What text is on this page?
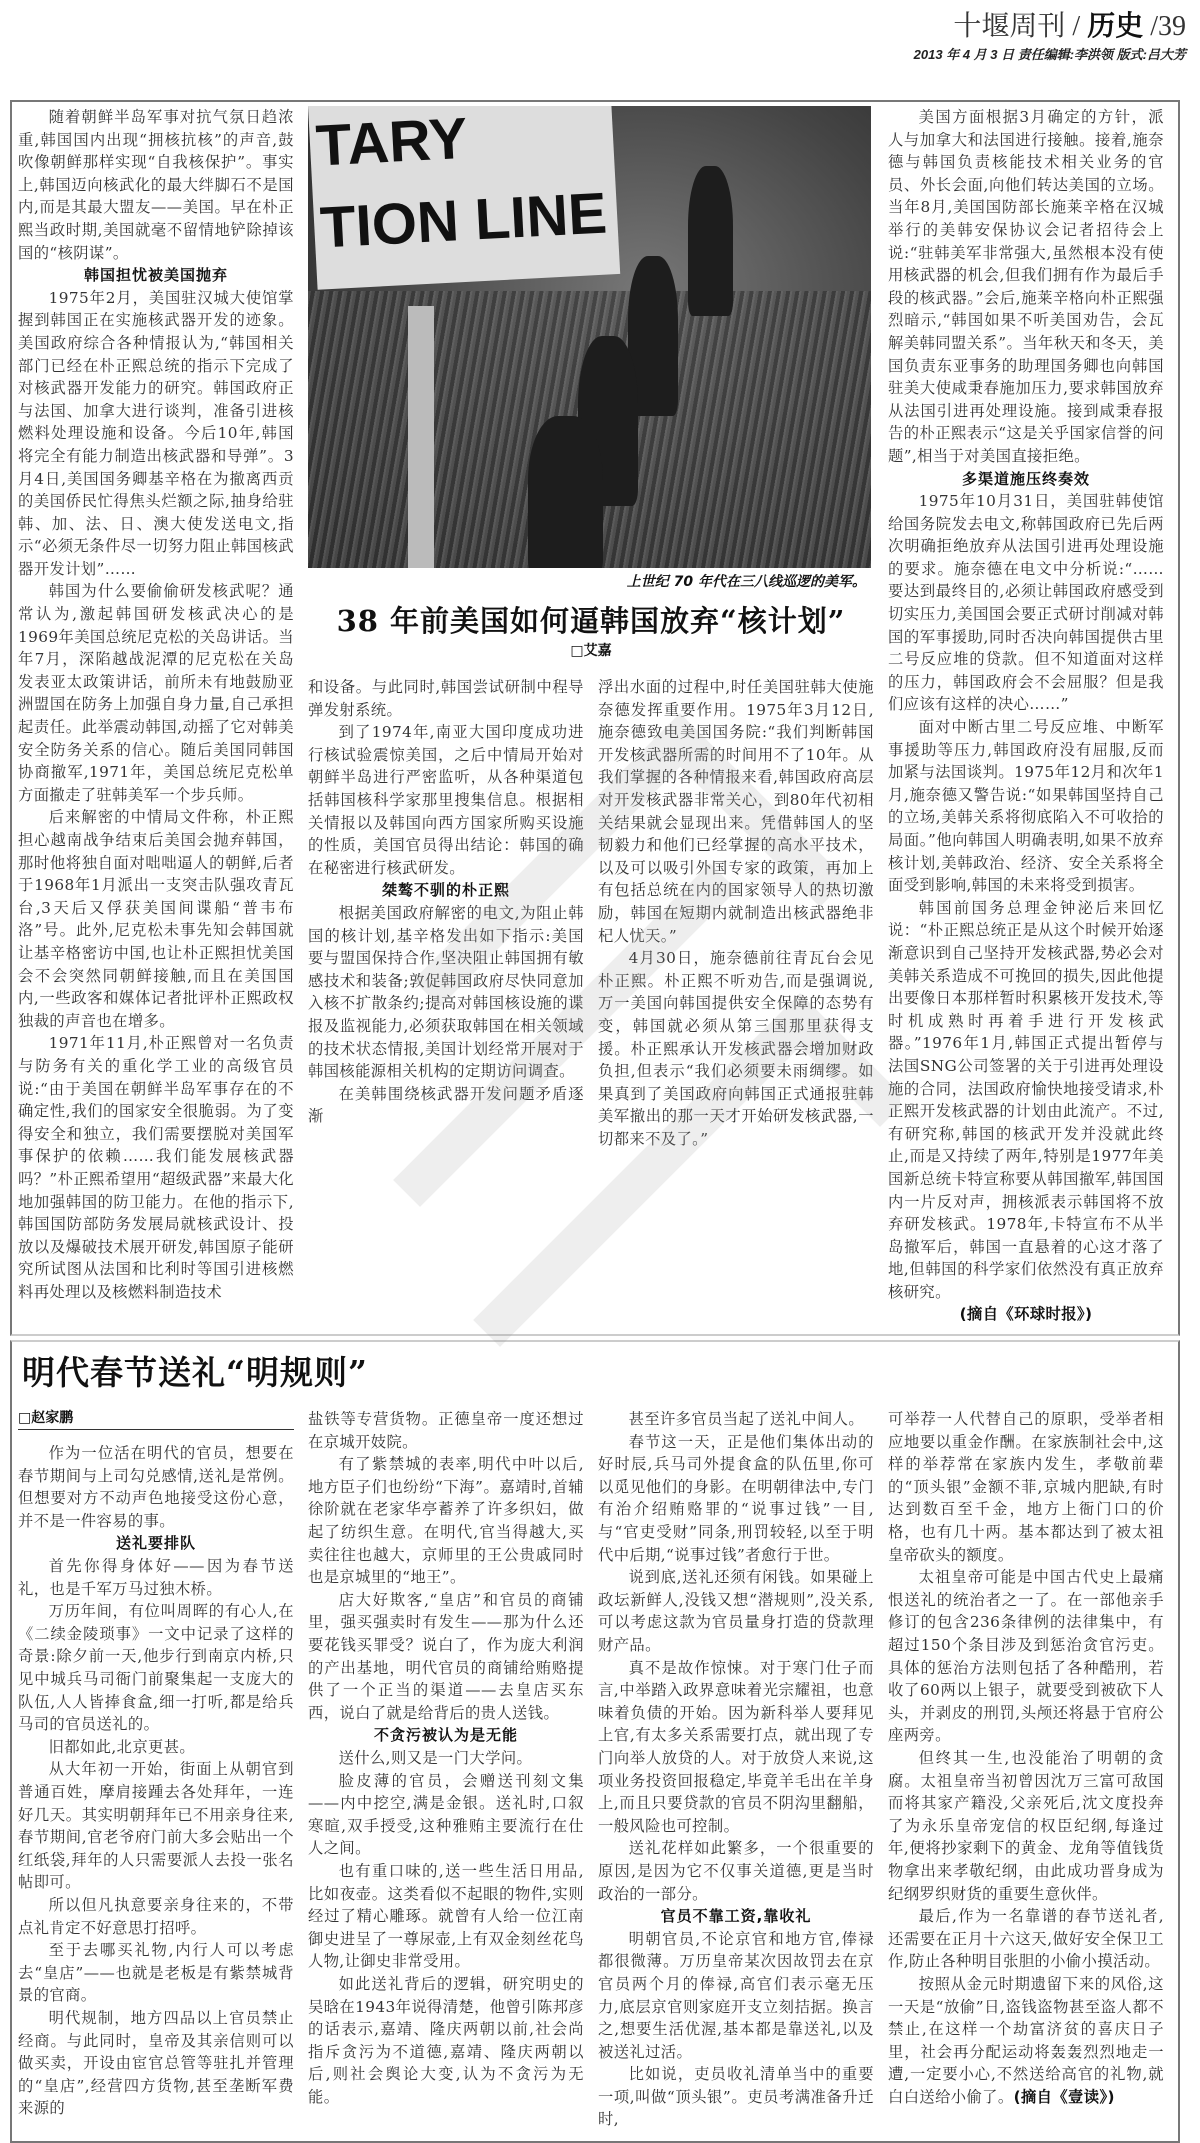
十堰周刊 / 历史 /39
2013 年 4 月 3 日 责任编辑:李洪领 版式:吕大芳

随着朝鲜半岛军事对抗气氛日趋浓重,韩国国内出现“拥核抗核”的声音,鼓吹像朝鲜那样实现“自我核保护”。事实上,韩国迈向核武化的最大绊脚石不是国内,而是其最大盟友——美国。早在朴正熙当政时期,美国就毫不留情地铲除掉该国的“核阴谋”。

韩国担忧被美国抛弃

1975年2月，美国驻汉城大使馆掌握到韩国正在实施核武器开发的迹象。美国政府综合各种情报认为,“韩国相关部门已经在朴正熙总统的指示下完成了对核武器开发能力的研究。韩国政府正与法国、加拿大进行谈判，准备引进核燃料处理设施和设备。今后10年,韩国将完全有能力制造出核武器和导弹”。3月4日,美国国务卿基辛格在为撤离西贡的美国侨民忙得焦头烂额之际,抽身给驻韩、加、法、日、澳大使发送电文,指示“必须无条件尽一切努力阻止韩国核武器开发计划”……

韩国为什么要偷偷研发核武呢？通常认为,激起韩国研发核武决心的是1969年美国总统尼克松的关岛讲话。当年7月，深陷越战泥潭的尼克松在关岛发表亚太政策讲话，前所未有地鼓励亚洲盟国在防务上加强自身力量,自己承担起责任。此举震动韩国,动摇了它对韩美安全防务关系的信心。随后美国同韩国协商撤军,1971年，美国总统尼克松单方面撤走了驻韩美军一个步兵师。

后来解密的中情局文件称，朴正熙担心越南战争结束后美国会抛弃韩国，那时他将独自面对咄咄逼人的朝鲜,后者于1968年1月派出一支突击队强攻青瓦台,3天后又俘获美国间谍船“普韦布洛”号。此外,尼克松未事先知会韩国就让基辛格密访中国,也让朴正熙担忧美国会不会突然同朝鲜接触,而且在美国国内,一些政客和媒体记者批评朴正熙政权独裁的声音也在增多。

1971年11月,朴正熙曾对一名负责与防务有关的重化学工业的高级官员说:“由于美国在朝鲜半岛军事存在的不确定性,我们的国家安全很脆弱。为了变得安全和独立，我们需要摆脱对美国军事保护的依赖……我们能发展核武器吗？”朴正熙希望用“超级武器”来最大化地加强韩国的防卫能力。在他的指示下,韩国国防部防务发展局就核武设计、投放以及爆破技术展开研发,韩国原子能研究所试图从法国和比利时等国引进核燃料再处理以及核燃料制造技术

TARY
TION LINE
上世纪 70 年代在三八线巡逻的美军。
38 年前美国如何逼韩国放弃“核计划”
□艾嘉

和设备。与此同时,韩国尝试研制中程导弹发射系统。

到了1974年,南亚大国印度成功进行核试验震惊美国，之后中情局开始对朝鲜半岛进行严密监听，从各种渠道包括韩国核科学家那里搜集信息。根据相关情报以及韩国向西方国家所购买设施的性质，美国官员得出结论：韩国的确在秘密进行核武研发。

桀骜不驯的朴正熙

根据美国政府解密的电文,为阻止韩国的核计划,基辛格发出如下指示:美国要与盟国保持合作,坚决阻止韩国拥有敏感技术和装备;敦促韩国政府尽快同意加入核不扩散条约;提高对韩国核设施的谍报及监视能力,必须获取韩国在相关领域的技术状态情报,美国计划经常开展对于韩国核能源相关机构的定期访问调查。

在美韩围绕核武器开发问题矛盾逐渐

浮出水面的过程中,时任美国驻韩大使施奈德发挥重要作用。1975年3月12日,施奈德致电美国国务院:“我们判断韩国开发核武器所需的时间用不了10年。从我们掌握的各种情报来看,韩国政府高层对开发核武器非常关心，到80年代初相关结果就会显现出来。凭借韩国人的坚韧毅力和他们已经掌握的高水平技术，以及可以吸引外国专家的政策，再加上有包括总统在内的国家领导人的热切激励，韩国在短期内就制造出核武器绝非杞人忧天。”

4月30日，施奈德前往青瓦台会见朴正熙。朴正熙不听劝告,而是强调说,万一美国向韩国提供安全保障的态势有变，韩国就必须从第三国那里获得支援。朴正熙承认开发核武器会增加财政负担,但表示“我们必须要未雨绸缪。如果真到了美国政府向韩国正式通报驻韩美军撤出的那一天才开始研发核武器,一切都来不及了。”

美国方面根据3月确定的方针，派人与加拿大和法国进行接触。接着,施奈德与韩国负责核能技术相关业务的官员、外长会面,向他们转达美国的立场。当年8月,美国国防部长施莱辛格在汉城举行的美韩安保协议会记者招待会上说:“驻韩美军非常强大,虽然根本没有使用核武器的机会,但我们拥有作为最后手段的核武器。”会后,施莱辛格向朴正熙强烈暗示,“韩国如果不听美国劝告，会瓦解美韩同盟关系”。当年秋天和冬天，美国负责东亚事务的助理国务卿也向韩国驻美大使咸秉春施加压力,要求韩国放弃从法国引进再处理设施。接到咸秉春报告的朴正熙表示“这是关乎国家信誉的问题”,相当于对美国直接拒绝。

多渠道施压终奏效

1975年10月31日，美国驻韩使馆给国务院发去电文,称韩国政府已先后两次明确拒绝放弃从法国引进再处理设施的要求。施奈德在电文中分析说:“……要达到最终目的,必须让韩国政府感受到切实压力,美国国会要正式研讨削减对韩国的军事援助,同时否决向韩国提供古里二号反应堆的贷款。但不知道面对这样的压力，韩国政府会不会屈服？但是我们应该有这样的决心……”

面对中断古里二号反应堆、中断军事援助等压力,韩国政府没有屈服,反而加紧与法国谈判。1975年12月和次年1月,施奈德又警告说:“如果韩国坚持自己的立场,美韩关系将彻底陷入不可收拾的局面。”他向韩国人明确表明,如果不放弃核计划,美韩政治、经济、安全关系将全面受到影响,韩国的未来将受到损害。

韩国前国务总理金钟泌后来回忆说：“朴正熙总统正是从这个时候开始逐渐意识到自己坚持开发核武器,势必会对美韩关系造成不可挽回的损失,因此他提出要像日本那样暂时积累核开发技术,等时机成熟时再着手进行开发核武器。”1976年1月,韩国正式提出暂停与法国SNG公司签署的关于引进再处理设施的合同，法国政府愉快地接受请求,朴正熙开发核武器的计划由此流产。不过,有研究称,韩国的核武开发并没就此终止,而是又持续了两年,特别是1977年美国新总统卡特宣称要从韩国撤军,韩国国内一片反对声，拥核派表示韩国将不放弃研发核武。1978年,卡特宣布不从半岛撤军后，韩国一直悬着的心这才落了地,但韩国的科学家们依然没有真正放弃核研究。

(摘自《环球时报》)
明代春节送礼“明规则”
□赵家鹏

作为一位活在明代的官员，想要在春节期间与上司勾兑感情,送礼是常例。但想要对方不动声色地接受这份心意，并不是一件容易的事。

送礼要排队

首先你得身体好——因为春节送礼，也是千军万马过独木桥。

万历年间，有位叫周晖的有心人,在《二续金陵琐事》一文中记录了这样的奇景:除夕前一天,他步行到南京内桥,只见中城兵马司衙门前聚集起一支庞大的队伍,人人皆捧食盒,细一打听,都是给兵马司的官员送礼的。

旧都如此,北京更甚。

从大年初一开始，街面上从朝官到普通百姓，摩肩接踵去各处拜年，一连好几天。其实明朝拜年已不用亲身往来,春节期间,官老爷府门前大多会贴出一个红纸袋,拜年的人只需要派人去投一张名帖即可。

所以但凡执意要亲身往来的，不带点礼肯定不好意思打招呼。

至于去哪买礼物,内行人可以考虑去“皇店”——也就是老板是有紫禁城背景的官商。

明代规制，地方四品以上官员禁止经商。与此同时，皇帝及其亲信则可以做买卖，开设由宦官总管等驻扎并管理的“皇店”,经营四方货物,甚至垄断军费来源的

盐铁等专营货物。正德皇帝一度还想过在京城开妓院。

有了紫禁城的表率,明代中叶以后,地方臣子们也纷纷“下海”。嘉靖时,首辅徐阶就在老家华亭蓄养了许多织妇，做起了纺织生意。在明代,官当得越大,买卖往往也越大，京师里的王公贵戚同时也是京城里的“地王”。

店大好欺客,“皇店”和官员的商铺里，强买强卖时有发生——那为什么还要花钱买罪受？说白了，作为庞大利润的产出基地，明代官员的商铺给贿赂提供了一个正当的渠道——去皇店买东西，说白了就是给背后的贵人送钱。

不贪污被认为是无能

送什么,则又是一门大学问。

脸皮薄的官员，会赠送刊刻文集——内中挖空,满是金银。送礼时,口叙寒暄,双手授受,这种雅贿主要流行在仕人之间。

也有重口味的,送一些生活日用品,比如夜壶。这类看似不起眼的物件,实则经过了精心雕琢。就曾有人给一位江南御史进呈了一尊尿壶,上有双金刻丝花鸟人物,让御史非常受用。

如此送礼背后的逻辑，研究明史的吴晗在1943年说得清楚，他曾引陈邦彦的话表示,嘉靖、隆庆两朝以前,社会尚指斥贪污为不道德,嘉靖、隆庆两朝以后,则社会舆论大变,认为不贪污为无能。

甚至许多官员当起了送礼中间人。

春节这一天，正是他们集体出动的好时辰,兵马司外提食盒的队伍里,你可以觅见他们的身影。在明朝律法中,专门有治介绍贿赂罪的“说事过钱”一目,与“官吏受财”同条,刑罚较轻,以至于明代中后期,“说事过钱”者愈行于世。

说到底,送礼还须有闲钱。如果碰上政坛新鲜人,没钱又想“潜规则”,没关系,可以考虑这款为官员量身打造的贷款理财产品。

真不是故作惊悚。对于寒门仕子而言,中举踏入政界意味着光宗耀祖，也意味着负债的开始。因为新科举人要拜见上官,有太多关系需要打点，就出现了专门向举人放贷的人。对于放贷人来说,这项业务投资回报稳定,毕竟羊毛出在羊身上,而且只要贷款的官员不阴沟里翻船，一般风险也可控制。

送礼花样如此繁多，一个很重要的原因,是因为它不仅事关道德,更是当时政治的一部分。

官员不靠工资,靠收礼

明朝官员,不论京官和地方官,俸禄都很微薄。万历皇帝某次因故罚去在京官员两个月的俸禄,高官们表示毫无压力,底层京官则家庭开支立刻拮据。换言之,想要生活优渥,基本都是靠送礼,以及被送礼过活。

比如说，吏员收礼清单当中的重要一项,叫做“顶头银”。吏员考满准备升迁时,

可举荐一人代替自己的原职，受举者相应地要以重金作酬。在家族制社会中,这样的举荐常在家族内发生，孝敬前辈的“顶头银”金额不菲,京城内肥缺,有时达到数百至千金，地方上衙门口的价格，也有几十两。基本都达到了被太祖皇帝砍头的额度。

太祖皇帝可能是中国古代史上最痛恨送礼的统治者之一了。在一部他亲手修订的包含236条律例的法律集中，有超过150个条目涉及到惩治贪官污吏。具体的惩治方法则包括了各种酷刑，若收了60两以上银子，就要受到被砍下人头，并剥皮的刑罚,头颅还将悬于官府公座两旁。

但终其一生,也没能治了明朝的贪腐。太祖皇帝当初曾因沈万三富可敌国而将其家产籍没,父亲死后,沈文度投奔了为永乐皇帝宠信的权臣纪纲,每逢过年,便将抄家剩下的黄金、龙角等值钱货物拿出来孝敬纪纲，由此成功晋身成为纪纲罗织财货的重要生意伙伴。

最后,作为一名靠谱的春节送礼者,还需要在正月十六这天,做好安全保卫工作,防止各种明目张胆的小偷小摸活动。

按照从金元时期遗留下来的风俗,这一天是“放偷”日,盗钱盗物甚至盗人都不禁止,在这样一个劫富济贫的喜庆日子里，社会再分配运动将轰轰烈烈地走一遭,一定要小心,不然送给高官的礼物,就白白送给小偷了。(摘自《壹读》)
